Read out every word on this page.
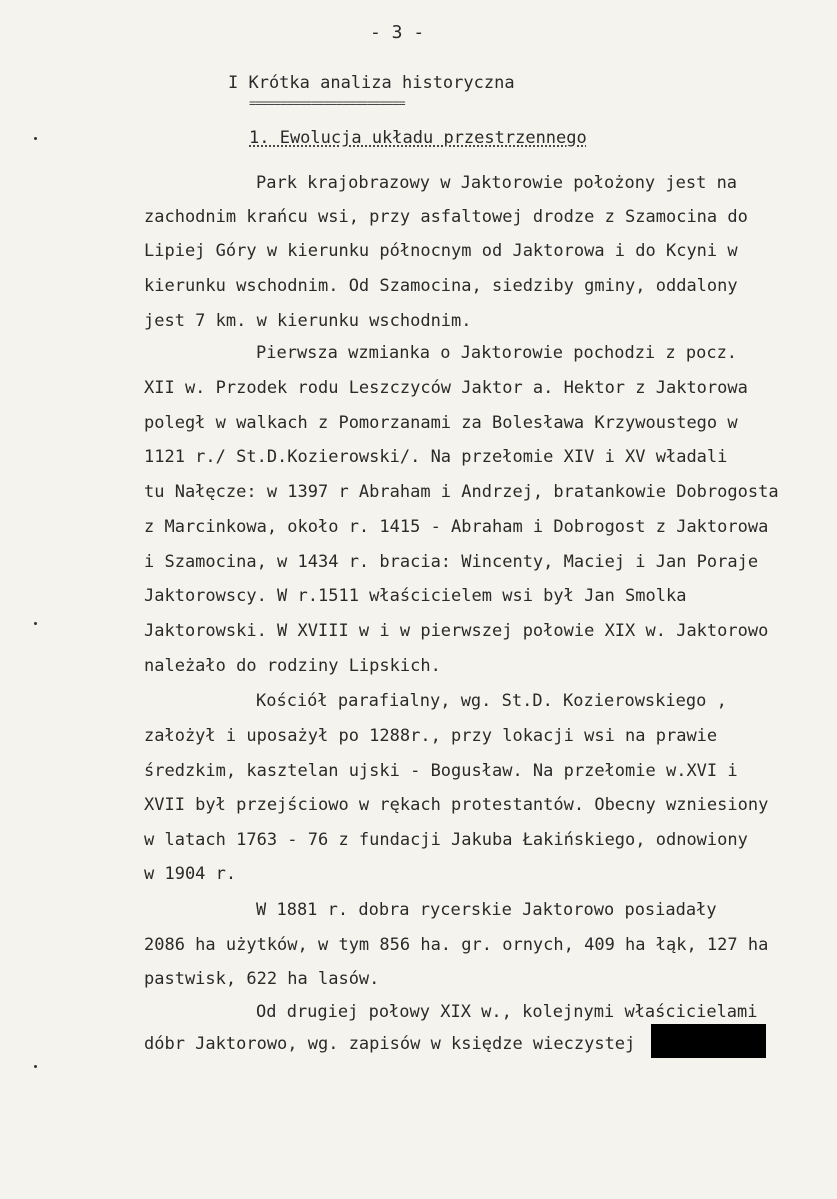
- 3 -
I Krótka analiza historyczna
=========================
1. Ewolucja układu przestrzennego
Park krajobrazowy w Jaktorowie położony jest na
zachodnim krańcu wsi, przy asfaltowej drodze z Szamocina do
Lipiej Góry w kierunku północnym od Jaktorowa i do Kcyni w
kierunku wschodnim. Od Szamocina, siedziby gminy, oddalony
jest 7 km. w kierunku wschodnim.
Pierwsza wzmianka o Jaktorowie pochodzi z pocz.
XII w. Przodek rodu Leszczyców Jaktor a. Hektor z Jaktorowa
poległ w walkach z Pomorzanami za Bolesława Krzywoustego w
1121 r./ St.D.Kozierowski/. Na przełomie XIV i XV władali
tu Nałęcze: w 1397 r Abraham i Andrzej, bratankowie Dobrogosta
z Marcinkowa, około r. 1415 - Abraham i Dobrogost z Jaktorowa
i Szamocina, w 1434 r. bracia: Wincenty, Maciej i Jan Poraje
Jaktorowscy. W r.1511 właścicielem wsi był Jan Smolka
Jaktorowski. W XVIII w i w pierwszej połowie XIX w. Jaktorowo
należało do rodziny Lipskich.
Kościół parafialny, wg. St.D. Kozierowskiego ,
założył i uposażył po 1288r., przy lokacji wsi na prawie
średzkim, kasztelan ujski - Bogusław. Na przełomie w.XVI i
XVII był przejściowo w rękach protestantów. Obecny wzniesiony
w latach 1763 - 76 z fundacji Jakuba Łakińskiego, odnowiony
w 1904 r.
W 1881 r. dobra rycerskie Jaktorowo posiadały
2086 ha użytków, w tym 856 ha. gr. ornych, 409 ha łąk, 127 ha
pastwisk, 622 ha lasów.
Od drugiej połowy XIX w., kolejnymi właścicielami
dóbr Jaktorowo, wg. zapisów w księdze wieczystej
